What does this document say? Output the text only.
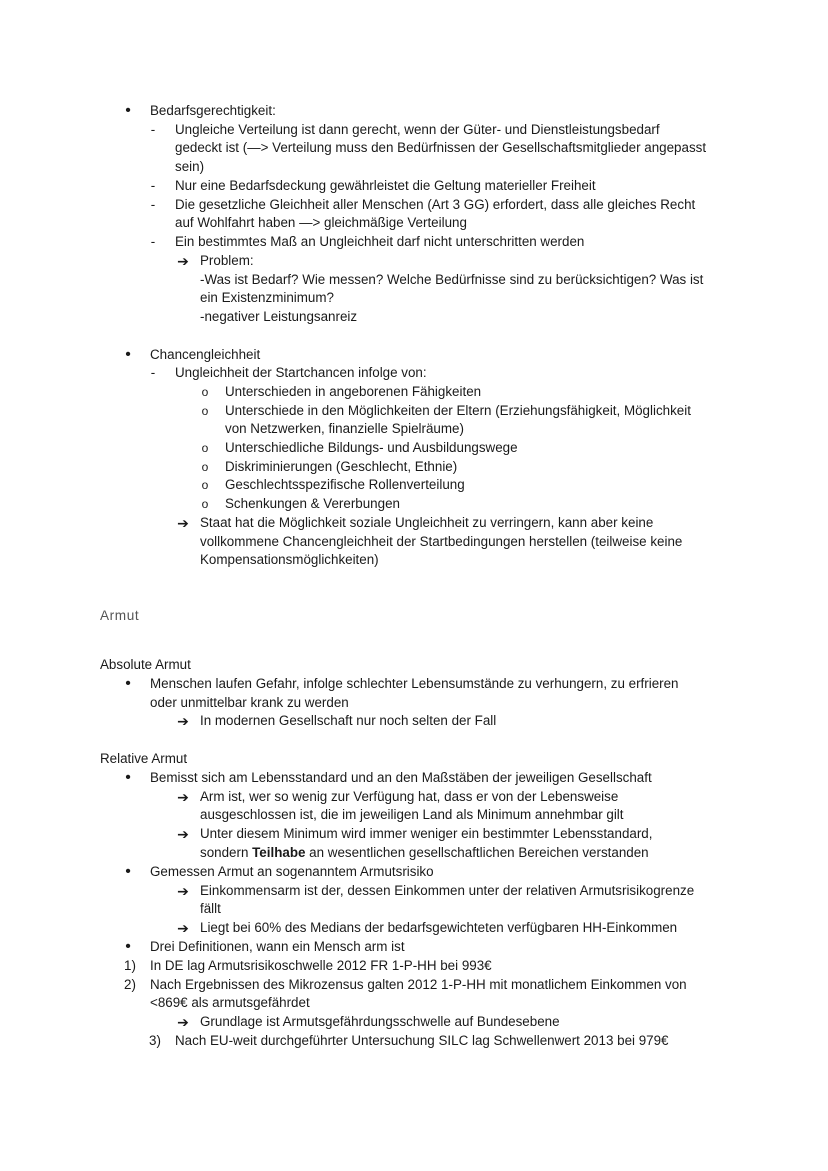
•	Bedarfsgerechtigkeit:
- Ungleiche Verteilung ist dann gerecht, wenn der Güter- und Dienstleistungsbedarf
gedeckt ist (—> Verteilung muss den Bedürfnissen der Gesellschaftsmitglieder angepasst
sein)
- Nur eine Bedarfsdeckung gewährleistet die Geltung materieller Freiheit
- Die gesetzliche Gleichheit aller Menschen (Art 3 GG) erfordert, dass alle gleiches Recht
auf Wohlfahrt haben —> gleichmäßige Verteilung
- Ein bestimmtes Maß an Ungleichheit darf nicht unterschritten werden
➔ Problem:
-Was ist Bedarf? Wie messen? Welche Bedürfnisse sind zu berücksichtigen? Was ist
ein Existenzminimum?
-negativer Leistungsanreiz
•	Chancengleichheit
- Ungleichheit der Startchancen infolge von:
o Unterschieden in angeborenen Fähigkeiten
o Unterschiede in den Möglichkeiten der Eltern (Erziehungsfähigkeit, Möglichkeit
von Netzwerken, finanzielle Spielräume)
o Unterschiedliche Bildungs- und Ausbildungswege
o Diskriminierungen (Geschlecht, Ethnie)
o Geschlechtsspezifische Rollenverteilung
o Schenkungen & Vererbungen
➔ Staat hat die Möglichkeit soziale Ungleichheit zu verringern, kann aber keine
vollkommene Chancengleichheit der Startbedingungen herstellen (teilweise keine
Kompensationsmöglichkeiten)
Armut
Absolute Armut
•	Menschen laufen Gefahr, infolge schlechter Lebensumstände zu verhungern, zu erfrieren
oder unmittelbar krank zu werden
➔ In modernen Gesellschaft nur noch selten der Fall
Relative Armut
•	Bemisst sich am Lebensstandard und an den Maßstäben der jeweiligen Gesellschaft
➔ Arm ist, wer so wenig zur Verfügung hat, dass er von der Lebensweise
ausgeschlossen ist, die im jeweiligen Land als Minimum annehmbar gilt
➔ Unter diesem Minimum wird immer weniger ein bestimmter Lebensstandard,
sondern Teilhabe an wesentlichen gesellschaftlichen Bereichen verstanden
•	Gemessen Armut an sogenanntem Armutsrisiko
➔ Einkommensarm ist der, dessen Einkommen unter der relativen Armutsrisikogrenze
fällt
➔ Liegt bei 60% des Medians der bedarfsgewichteten verfügbaren HH-Einkommen
•	Drei Definitionen, wann ein Mensch arm ist
1)	In DE lag Armutsrisikoschwelle 2012 FR 1-P-HH bei 993€
2)	Nach Ergebnissen des Mikrozensus galten 2012 1-P-HH mit monatlichem Einkommen von
<869€ als armutsgefährdet
➔ Grundlage ist Armutsgefährdungsschwelle auf Bundesebene
3)	Nach EU-weit durchgeführter Untersuchung SILC lag Schwellenwert 2013 bei 979€
